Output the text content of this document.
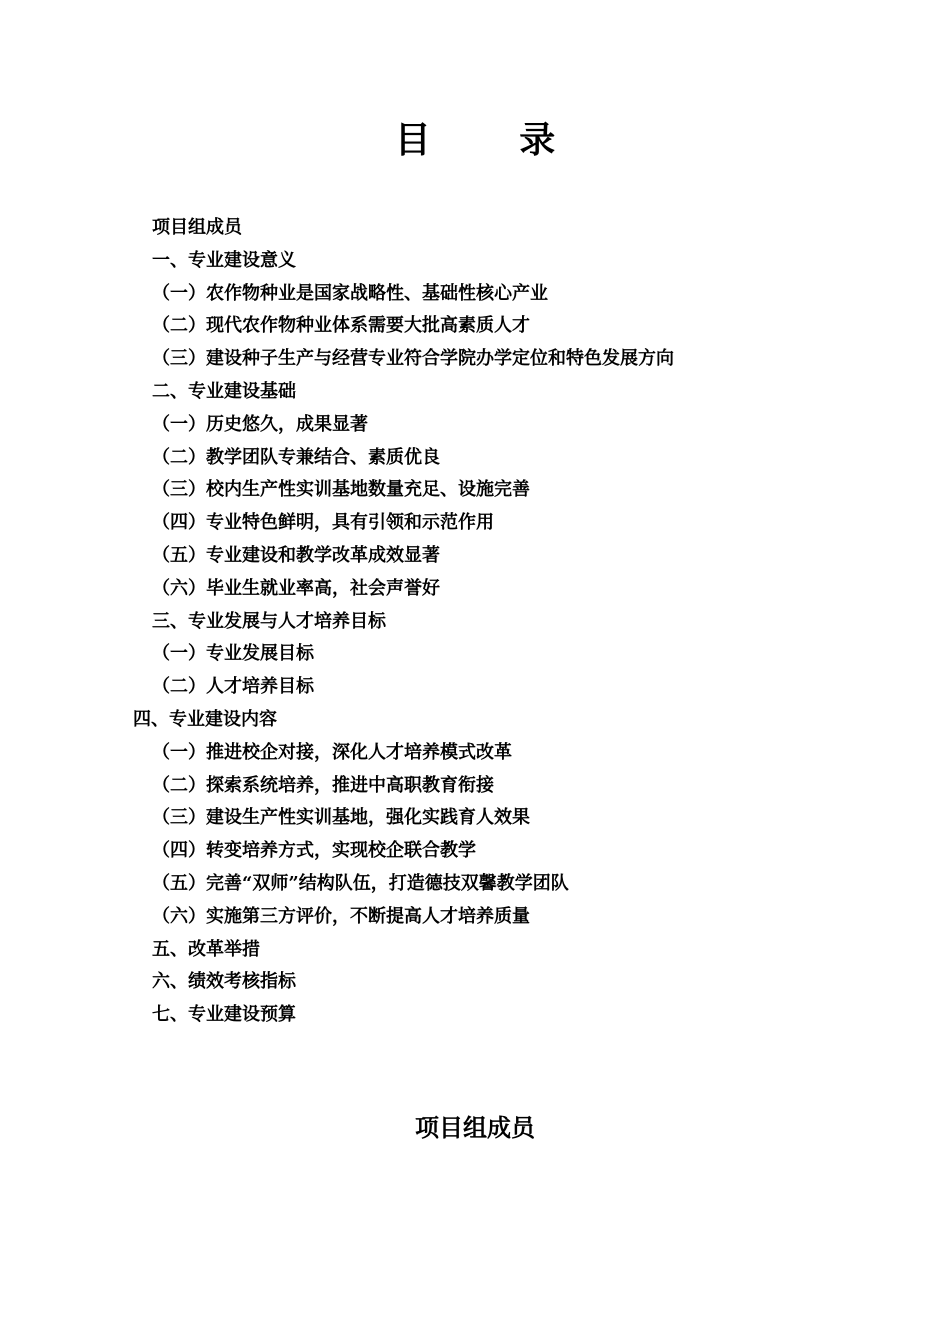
目 录
项目组成员
一、专业建设意义
（一）农作物种业是国家战略性、基础性核心产业
（二）现代农作物种业体系需要大批高素质人才
（三）建设种子生产与经营专业符合学院办学定位和特色发展方向
二、专业建设基础
（一）历史悠久，成果显著
（二）教学团队专兼结合、素质优良
（三）校内生产性实训基地数量充足、设施完善
（四）专业特色鲜明，具有引领和示范作用
（五）专业建设和教学改革成效显著
（六）毕业生就业率高，社会声誉好
三、专业发展与人才培养目标
（一）专业发展目标
（二）人才培养目标
四、专业建设内容
（一）推进校企对接，深化人才培养模式改革
（二）探索系统培养，推进中高职教育衔接
（三）建设生产性实训基地，强化实践育人效果
（四）转变培养方式，实现校企联合教学
（五）完善“双师”结构队伍，打造德技双馨教学团队
（六）实施第三方评价，不断提高人才培养质量
五、改革举措
六、绩效考核指标
七、专业建设预算
项目组成员
